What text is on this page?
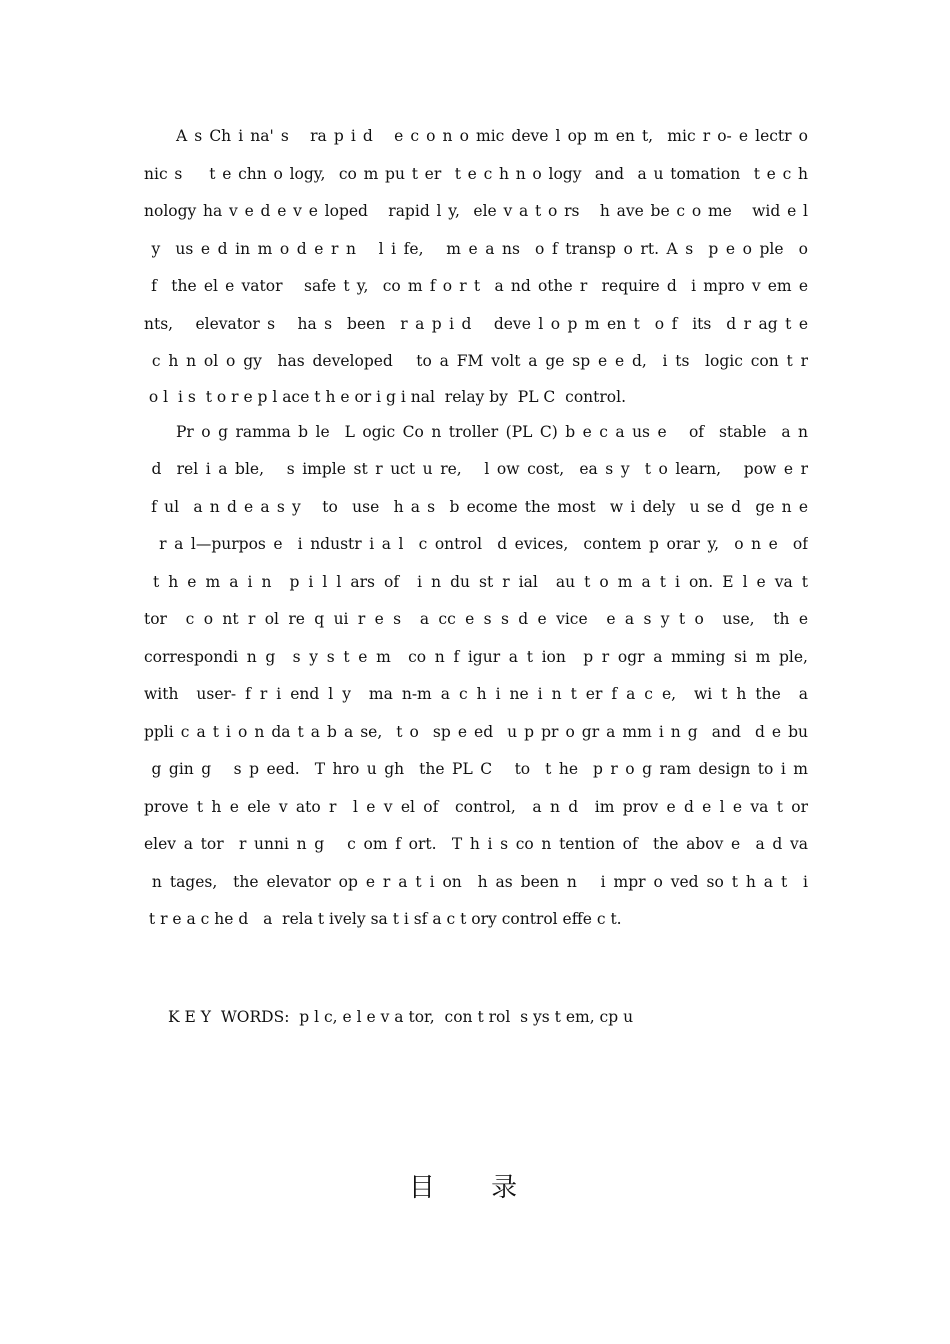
A s Ch i na' s   ra p i d   e c o n o mic deve l op m en t,  mic r o- e lectr o
nic s    t e chn o logy,  co m pu t er  t e c h n o logy  and  a u tomation  t e c h
nology ha v e d e v e loped   rapid l y,  ele v a t o rs   h ave be c o me   wid e l
y  us e d in m o d e r n   l i fe,   m e a ns  o f transp o rt. A s  p e o ple  o
f  the el e vator   safe t y,  co m f o r t  a nd othe r  require d  i mpro v em e
nts,   elevator s   ha s  been  r a p i d   deve l o p m en t  o f  its  d r ag t e
c h n ol o gy  has developed   to a FM volt a ge sp e e d,  i ts  logic con t r
o l  i s  t o r e p l ace t h e or i g i nal  relay by  PL C  control.
Pr o g ramma b le  L ogic Co n troller (PL C) b e c a us e   of  stable  a n
d  rel i a ble,   s imple st r uct u re,   l ow cost,  ea s y  t o learn,   pow e r
f ul  a n d e a s y   to  use  h a s  b ecome the most  w i dely  u se d  ge n e
r a l—purpos e  i ndustr i a l  c ontrol  d evices,  contem p orar y,  o n e  of
t h e m a i n  p i l l ars of  i n du st r ial  au t o m a t i on. E l e va t
tor  c o nt r ol re q ui r e s  a cc e s s d e vice  e a s y t o  use,  th e
correspondi n g  s y s t e m  co n f igur a t ion  p r ogr a mming si m ple,
with  user- f r i end l y  ma n-m a c h i ne i n t er f a c e,  wi t h the  a
ppli c a t i o n da t a b a se,  t o  sp e ed  u p pr o gr a mm i n g  and  d e bu
g gin g   s p eed.  T hro u gh  the PL C   to  t he  p r o g ram design to i m
prove t h e ele v ato r  l e v el of  control,  a n d  im prov e d e l e va t or
elev a tor  r unni n g   c om f ort.  T h i s co n tention of  the abov e  a d va
n tages,  the elevator op e r a t i on  h as been n   i mpr o ved so t h a t  i
t r e a c he d   a  rela t ively sa t i sf a c t ory control effe c t.
K E Y  WORDS:  p l c, e l e v a tor,  con t rol  s ys t em, cp u
目 录
